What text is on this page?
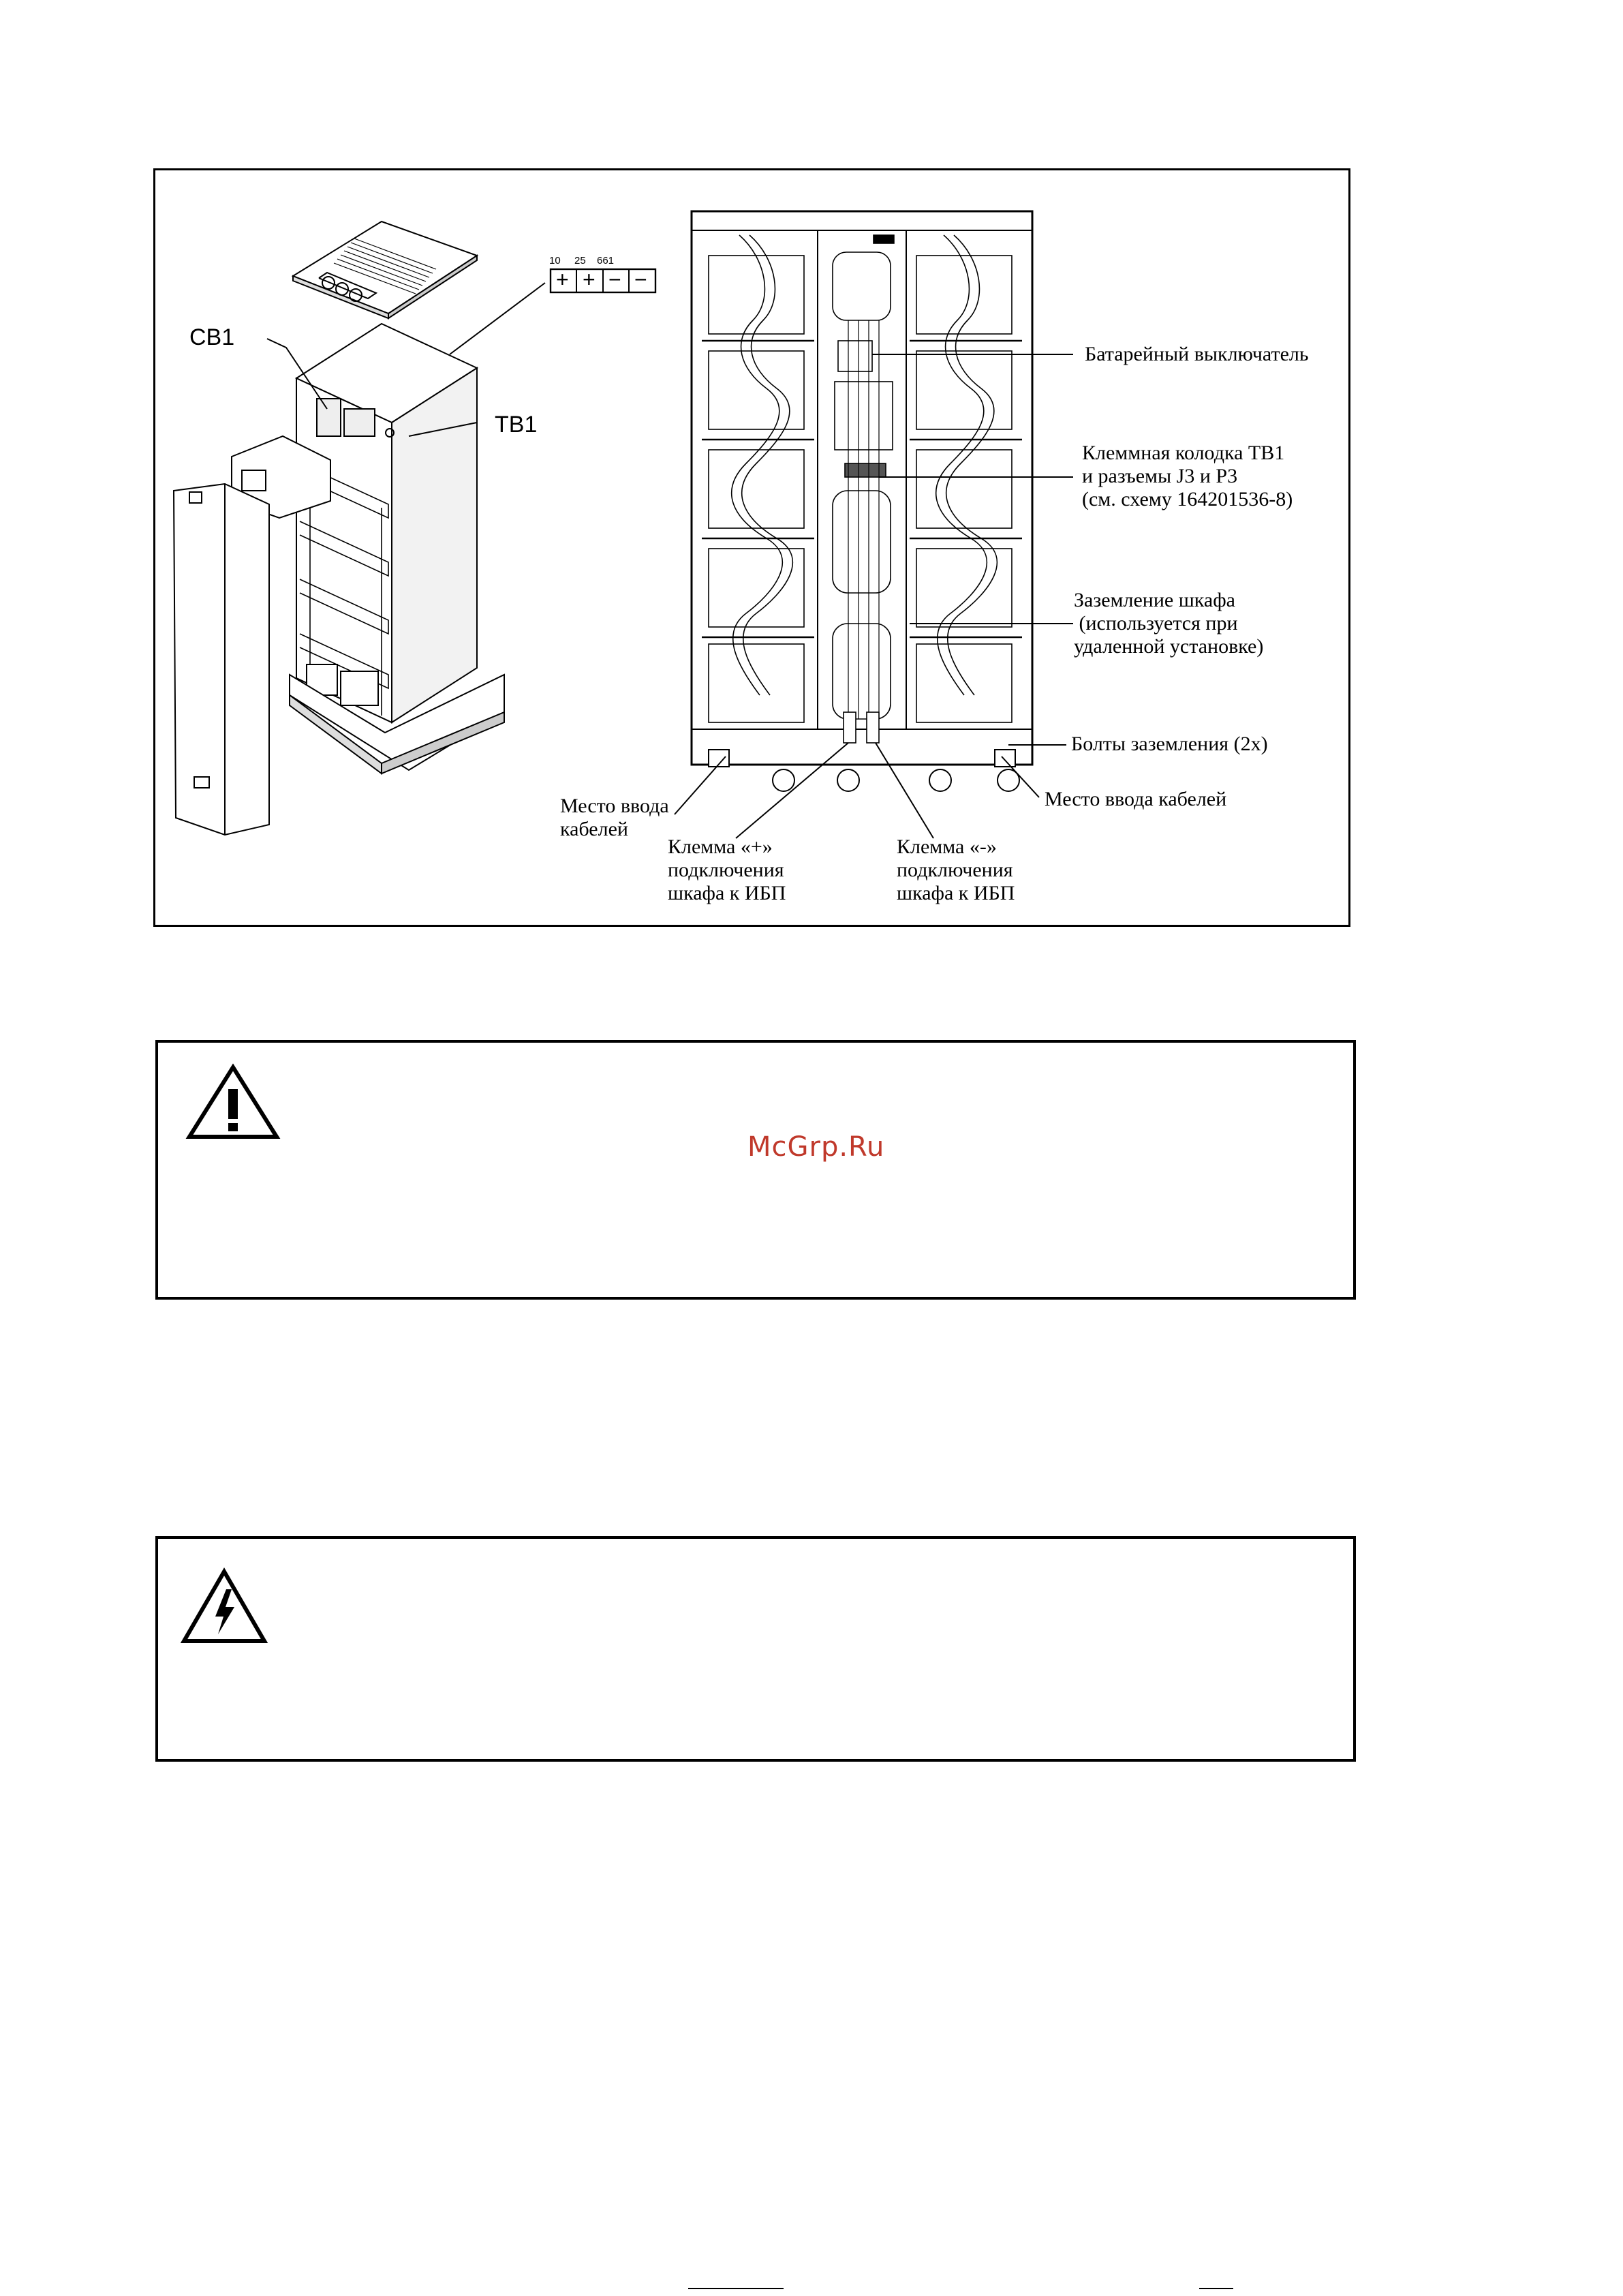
CB1
TB1
10 25 661
+ + − −
Батарейный выключатель
Клеммная колодка TB1
и разъемы J3 и P3
(см. схему 164201536-8)
Заземление шкафа
(используется при
удаленной установке)
Болты заземления (2x)
Место ввода кабелей
Место ввода
кабелей
Клемма «+»
подключения
шкафа к ИБП
Клемма «-»
подключения
шкафа к ИБП
McGrp.Ru
